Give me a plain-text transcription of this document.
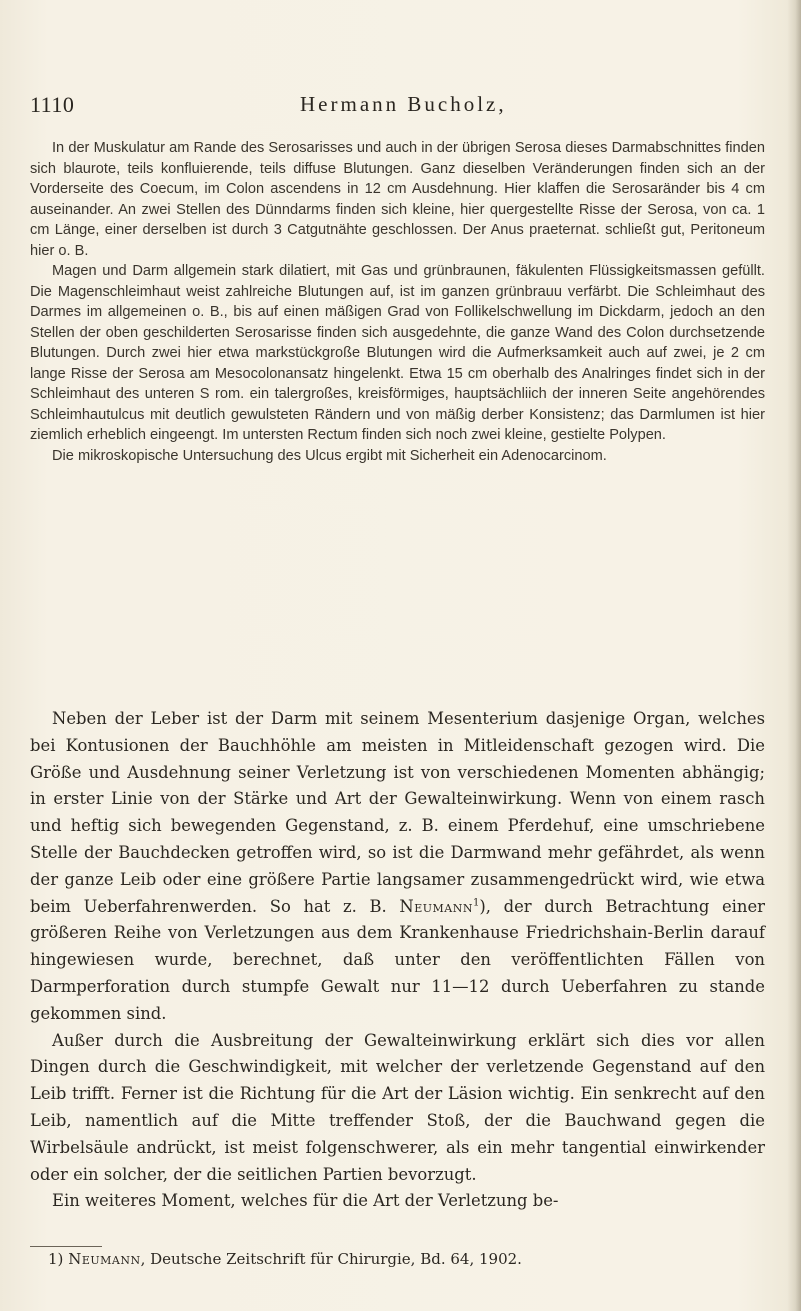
1110	Hermann Bucholz,

In der Muskulatur am Rande des Serosarisses und auch in der übrigen Serosa dieses Darmabschnittes finden sich blaurote, teils konfluierende, teils diffuse Blutungen. Ganz dieselben Veränderungen finden sich an der Vorderseite des Coecum, im Colon ascendens in 12 cm Ausdehnung. Hier klaffen die Serosaränder bis 4 cm auseinander. An zwei Stellen des Dünndarms finden sich kleine, hier quergestellte Risse der Serosa, von ca. 1 cm Länge, einer derselben ist durch 3 Catgutnähte geschlossen. Der Anus praeternat. schließt gut, Peritoneum hier o. B.

Magen und Darm allgemein stark dilatiert, mit Gas und grünbraunen, fäkulenten Flüssigkeitsmassen gefüllt. Die Magenschleimhaut weist zahlreiche Blutungen auf, ist im ganzen grünbrauu verfärbt. Die Schleimhaut des Darmes im allgemeinen o. B., bis auf einen mäßigen Grad von Follikelschwellung im Dickdarm, jedoch an den Stellen der oben geschilderten Serosarisse finden sich ausgedehnte, die ganze Wand des Colon durchsetzende Blutungen. Durch zwei hier etwa markstückgroße Blutungen wird die Aufmerksamkeit auch auf zwei, je 2 cm lange Risse der Serosa am Mesocolonansatz hingelenkt. Etwa 15 cm oberhalb des Analringes findet sich in der Schleimhaut des unteren S rom. ein talergroßes, kreisförmiges, hauptsächliich der inneren Seite angehörendes Schleimhautulcus mit deutlich gewulsteten Rändern und von mäßig derber Konsistenz; das Darmlumen ist hier ziemlich erheblich eingeengt. Im untersten Rectum finden sich noch zwei kleine, gestielte Polypen.

Die mikroskopische Untersuchung des Ulcus ergibt mit Sicherheit ein Adenocarcinom.

Neben der Leber ist der Darm mit seinem Mesenterium dasjenige Organ, welches bei Kontusionen der Bauchhöhle am meisten in Mitleidenschaft gezogen wird. Die Größe und Ausdehnung seiner Verletzung ist von verschiedenen Momenten abhängig; in erster Linie von der Stärke und Art der Gewalteinwirkung. Wenn von einem rasch und heftig sich bewegenden Gegenstand, z. B. einem Pferdehuf, eine umschriebene Stelle der Bauchdecken getroffen wird, so ist die Darmwand mehr gefährdet, als wenn der ganze Leib oder eine größere Partie langsamer zusammengedrückt wird, wie etwa beim Ueberfahrenwerden. So hat z. B. Neumann$^1$), der durch Betrachtung einer größeren Reihe von Verletzungen aus dem Krankenhause Friedrichshain-Berlin darauf hingewiesen wurde, berechnet, daß unter den veröffentlichten Fällen von Darmperforation durch stumpfe Gewalt nur 11—12 durch Ueberfahren zu stande gekommen sind.

Außer durch die Ausbreitung der Gewalteinwirkung erklärt sich dies vor allen Dingen durch die Geschwindigkeit, mit welcher der verletzende Gegenstand auf den Leib trifft. Ferner ist die Richtung für die Art der Läsion wichtig. Ein senkrecht auf den Leib, namentlich auf die Mitte treffender Stoß, der die Bauchwand gegen die Wirbelsäule andrückt, ist meist folgenschwerer, als ein mehr tangential einwirkender oder ein solcher, der die seitlichen Partien bevorzugt.

Ein weiteres Moment, welches für die Art der Verletzung be-

1) Neumann, Deutsche Zeitschrift für Chirurgie, Bd. 64, 1902.
